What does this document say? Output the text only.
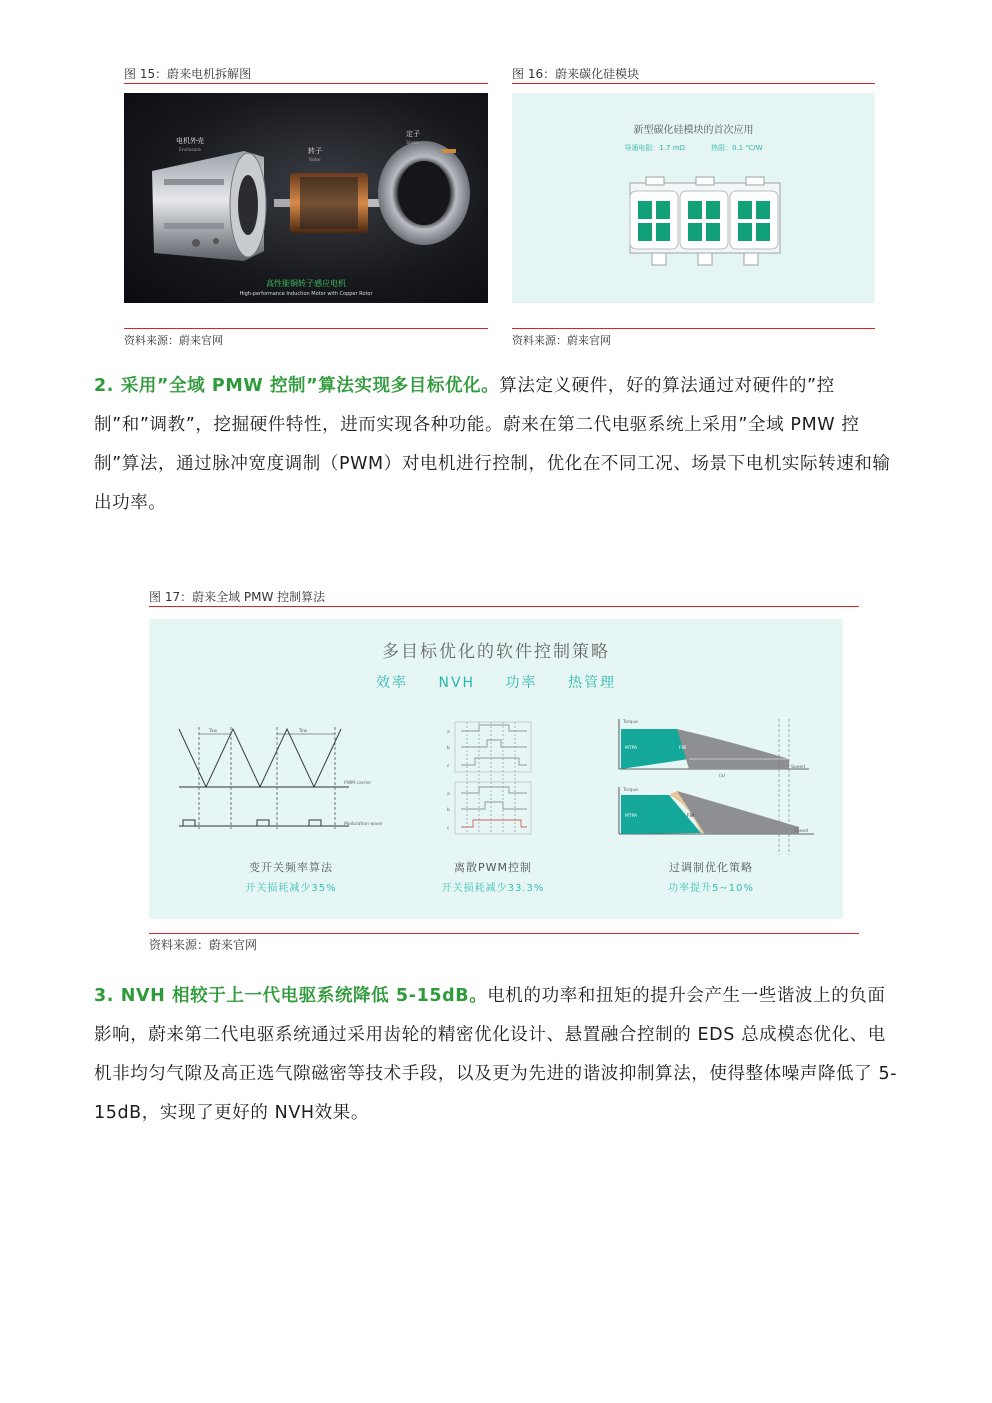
图 15：蔚来电机拆解图
电机外壳
Enclosure	转子
Rotor
定子
Stator
高性能铜转子感应电机
High-performance Induction Motor with Copper Rotor
资料来源：蔚来官网
图 16：蔚来碳化硅模块
新型碳化硅模块的首次应用
导通电阻：1.7 mΩ	热阻：0.1 ℃/W
资料来源：蔚来官网

2. 采用”全域 PMW 控制”算法实现多目标优化。算法定义硬件，好的算法通过对硬件的”控制”和”调教”，挖掘硬件特性，进而实现各种功能。蔚来在第二代电驱系统上采用”全域 PMW 控制”算法，通过脉冲宽度调制（PWM）对电机进行控制，优化在不同工况、场景下电机实际转速和输出功率。

图 17：蔚来全域 PMW 控制算法
多目标优化的软件控制策略
效率 NVH 功率 热管理
Tsw	Tsw
PWM carrier
Modulation wave
a
b
c
a
b
c
Torque
Speed
MTPA	FW
(a)
Torque
Speed
MTPA	FW
变开关频率算法
开关损耗减少35%
离散PWM控制
开关损耗减少33.3%
过调制优化策略
功率提升5~10%
资料来源：蔚来官网

3. NVH 相较于上一代电驱系统降低 5-15dB。电机的功率和扭矩的提升会产生一些谐波上的负面影响，蔚来第二代电驱系统通过采用齿轮的精密优化设计、悬置融合控制的 EDS 总成模态优化、电机非均匀气隙及高正选气隙磁密等技术手段，以及更为先进的谐波抑制算法，使得整体噪声降低了 5-15dB，实现了更好的 NVH效果。
